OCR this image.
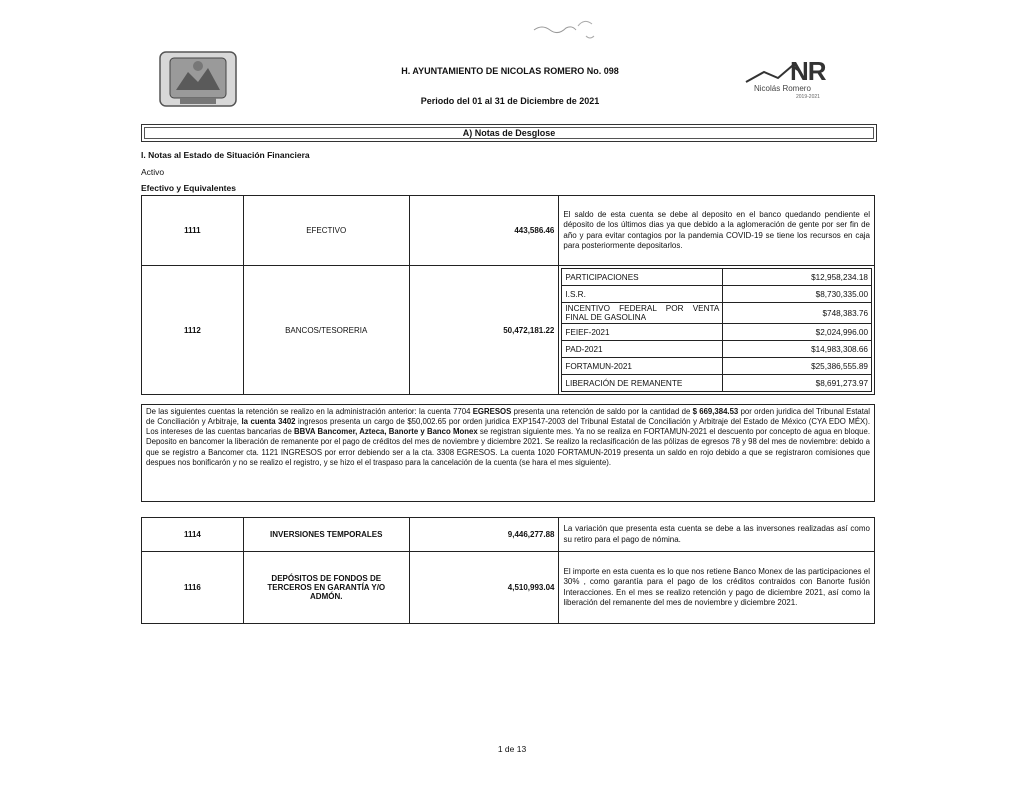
H. AYUNTAMIENTO DE NICOLAS ROMERO No. 098
Periodo del 01 al 31 de Diciembre de 2021
NR
Nicolás Romero
2019-2021
A) Notas de Desglose
I. Notas al Estado de Situación Financiera
Activo
Efectivo y Equivalentes
1111	EFECTIVO	443,586.46	El saldo de esta cuenta se debe al deposito en el banco quedando pendiente el déposito de los últimos dias ya que debido a la aglomeración de gente por ser fin de año y para evitar contagios por la pandemia COVID-19 se tiene los recursos en caja para posteriormente depositarlos.
1112	BANCOS/TESORERIA	50,472,181.22	
PARTICIPACIONES	$12,958,234.18
I.S.R.	$8,730,335.00
INCENTIVO FEDERAL POR VENTA FINAL DE GASOLINA	$748,383.76
FEIEF-2021	$2,024,996.00
PAD-2021	$14,983,308.66
FORTAMUN-2021	$25,386,555.89
LIBERACIÓN DE REMANENTE	$8,691,273.97
De las siguientes cuentas la retención se realizo en la administración anterior: la cuenta 7704 EGRESOS presenta una retención de saldo por la cantidad de $ 669,384.53 por orden juridica del Tribunal Estatal de Conciliación y Arbitraje, la cuenta 3402 ingresos presenta un cargo de $50,002.65 por orden juridica EXP1547-2003 del Tribunal Estatal de Conciliación y Arbitraje del Estado de México (CYA EDO MÉX). Los intereses de las cuentas bancarias de BBVA Bancomer, Azteca, Banorte y Banco Monex se registran siguiente mes. Ya no se realiza en FORTAMUN-2021 el descuento por concepto de agua en bloque. Deposito en bancomer la liberación de remanente por el pago de créditos del mes de noviembre y diciembre 2021. Se realizo la reclasificación de las pólizas de egresos 78 y 98 del mes de noviembre: debido a que se registro a Bancomer cta. 1121 INGRESOS por error debiendo ser a la cta. 3308 EGRESOS. La cuenta 1020 FORTAMUN-2019 presenta un saldo en rojo debido a que se registraron comisiones que despues nos bonificarón y no se realizo el registro, y se hizo el el traspaso para la cancelación de la cuenta (se hara el mes siguiente).
1114	INVERSIONES TEMPORALES	9,446,277.88	La variación que presenta esta cuenta se debe a las inversones realizadas así como su retiro para el pago de nómina.
1116	DEPÓSITOS DE FONDOS DE TERCEROS EN GARANTÍA Y/O ADMÓN.	4,510,993.04	El importe en esta cuenta es lo que nos retiene Banco Monex de las participaciones el 30% , como garantía para el pago de los créditos contraidos con Banorte fusión Interacciones. En el mes se realizo retención y pago de diciembre 2021, así como la liberación del remanente del mes de noviembre y diciembre 2021.
1 de 13
